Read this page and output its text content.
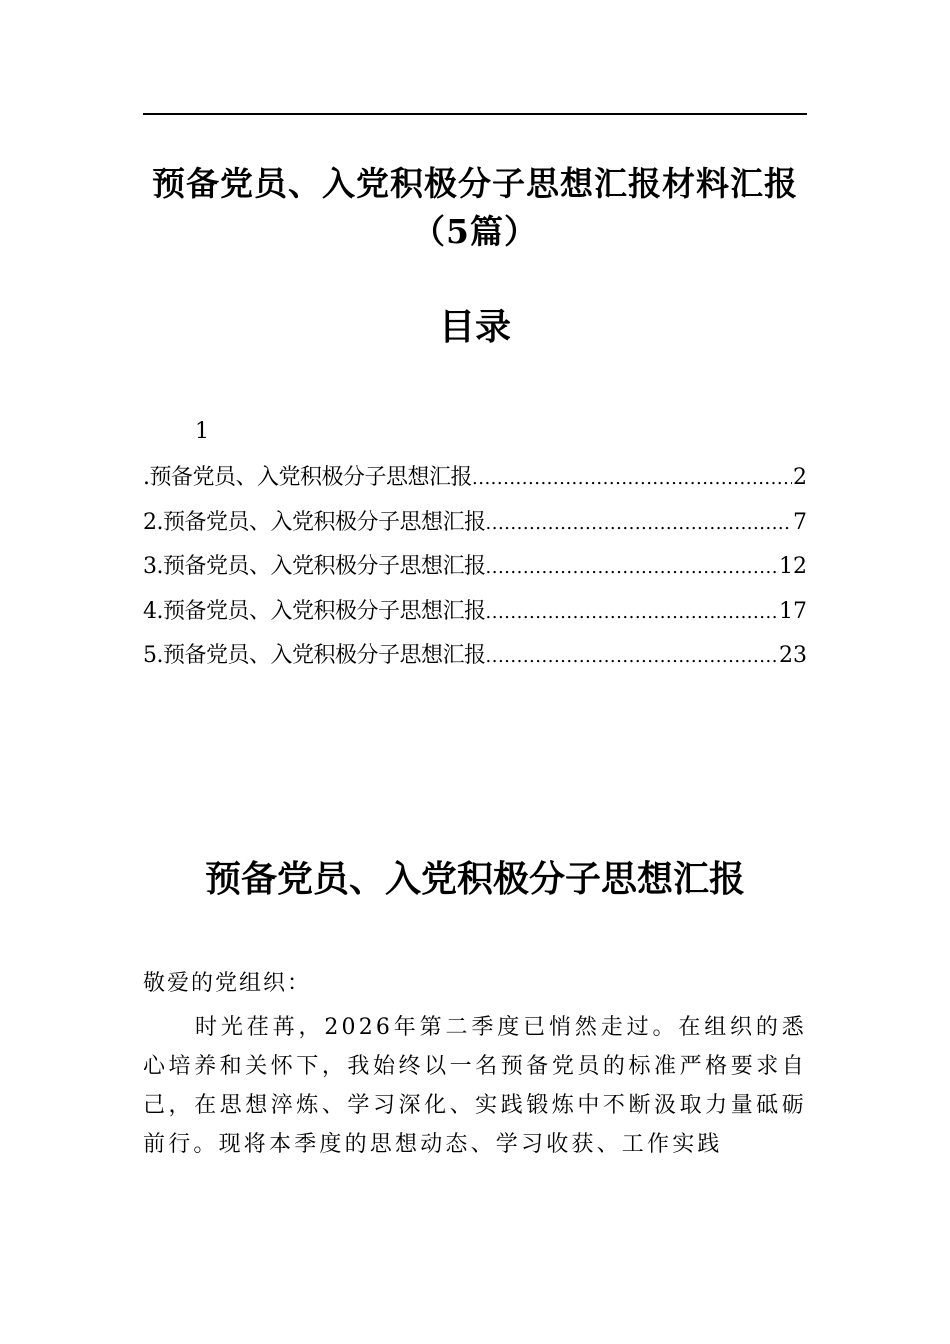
预备党员、入党积极分子思想汇报材料汇报（5篇）
目录
1
.预备党员、入党积极分子思想汇报 .....	2
2.预备党员、入党积极分子思想汇报 .....	7
3.预备党员、入党积极分子思想汇报 .....	12
4.预备党员、入党积极分子思想汇报 .....	17
5.预备党员、入党积极分子思想汇报 .....	23
预备党员、入党积极分子思想汇报
敬爱的党组织：
时光荏苒，2026年第二季度已悄然走过。在组织的悉心培养和关怀下，我始终以一名预备党员的标准严格要求自己，在思想淬炼、学习深化、实践锻炼中不断汲取力量砥砺前行。现将本季度的思想动态、学习收获、工作实践
